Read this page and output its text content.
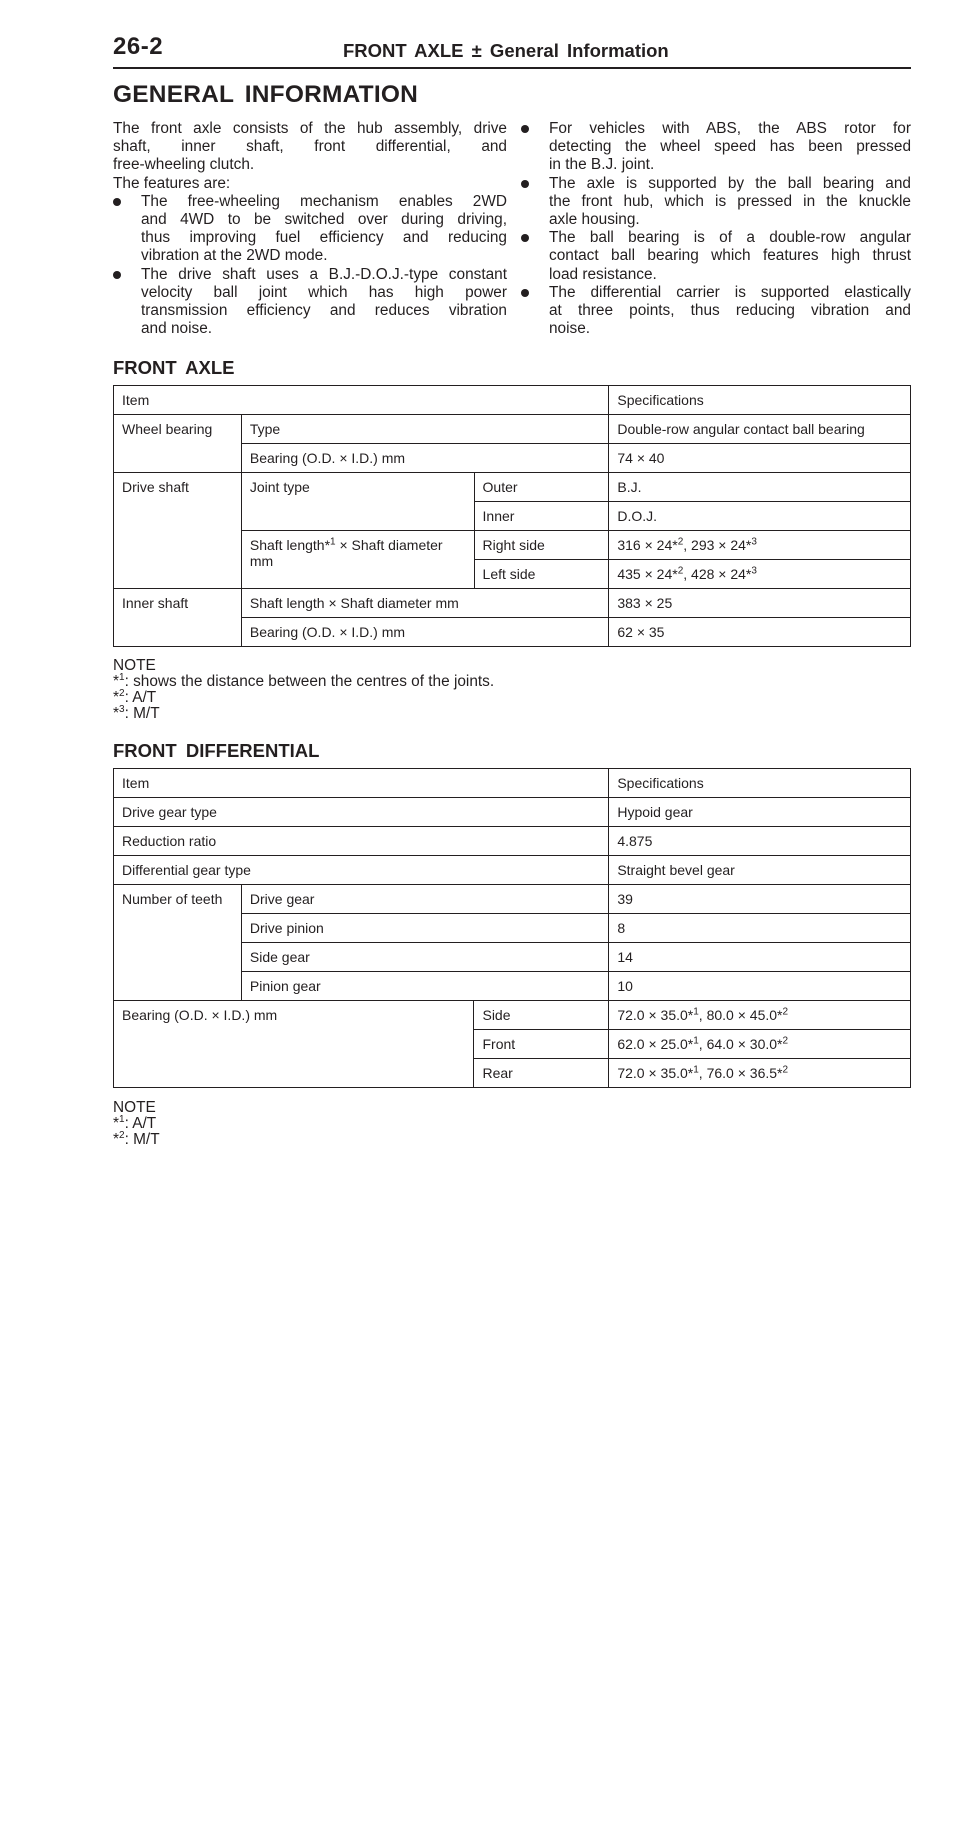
26-2	FRONT AXLE ± General Information
GENERAL INFORMATION
The front axle consists of the hub assembly, drive
shaft, inner shaft, front differential, and
free-wheeling clutch.
The features are:
The free-wheeling mechanism enables 2WD
and 4WD to be switched over during driving,
thus improving fuel efficiency and reducing
vibration at the 2WD mode.
The drive shaft uses a B.J.-D.O.J.-type constant
velocity ball joint which has high power
transmission efficiency and reduces vibration
and noise.
For vehicles with ABS, the ABS rotor for
detecting the wheel speed has been pressed
in the B.J. joint.
The axle is supported by the ball bearing and
the front hub, which is pressed in the knuckle
axle housing.
The ball bearing is of a double-row angular
contact ball bearing which features high thrust
load resistance.
The differential carrier is supported elastically
at three points, thus reducing vibration and
noise.
FRONT AXLE
Item			Specifications
Wheel bearing	Type		Double-row angular contact ball bearing
	Bearing (O.D. × I.D.) mm		74 × 40
Drive shaft	Joint type	Outer	B.J.
		Inner	D.O.J.
	Shaft length*$^1$ × Shaft diameter
mm	Right side	316 × 24*$^2$, 293 × 24*$^3$
		Left side	435 × 24*$^2$, 428 × 24*$^3$
Inner shaft	Shaft length × Shaft diameter mm		383 × 25
	Bearing (O.D. × I.D.) mm		62 × 35
NOTE
*$^1$: shows the distance between the centres of the joints.
*$^2$: A/T
*$^3$: M/T
FRONT DIFFERENTIAL
Item			Specifications
Drive gear type			Hypoid gear
Reduction ratio			4.875
Differential gear type			Straight bevel gear
Number of teeth	Drive gear		39
	Drive pinion		8
	Side gear		14
	Pinion gear		10
Bearing (O.D. × I.D.) mm		Side	72.0 × 35.0*$^1$, 80.0 × 45.0*$^2$
		Front	62.0 × 25.0*$^1$, 64.0 × 30.0*$^2$
		Rear	72.0 × 35.0*$^1$, 76.0 × 36.5*$^2$
NOTE
*$^1$: A/T
*$^2$: M/T
